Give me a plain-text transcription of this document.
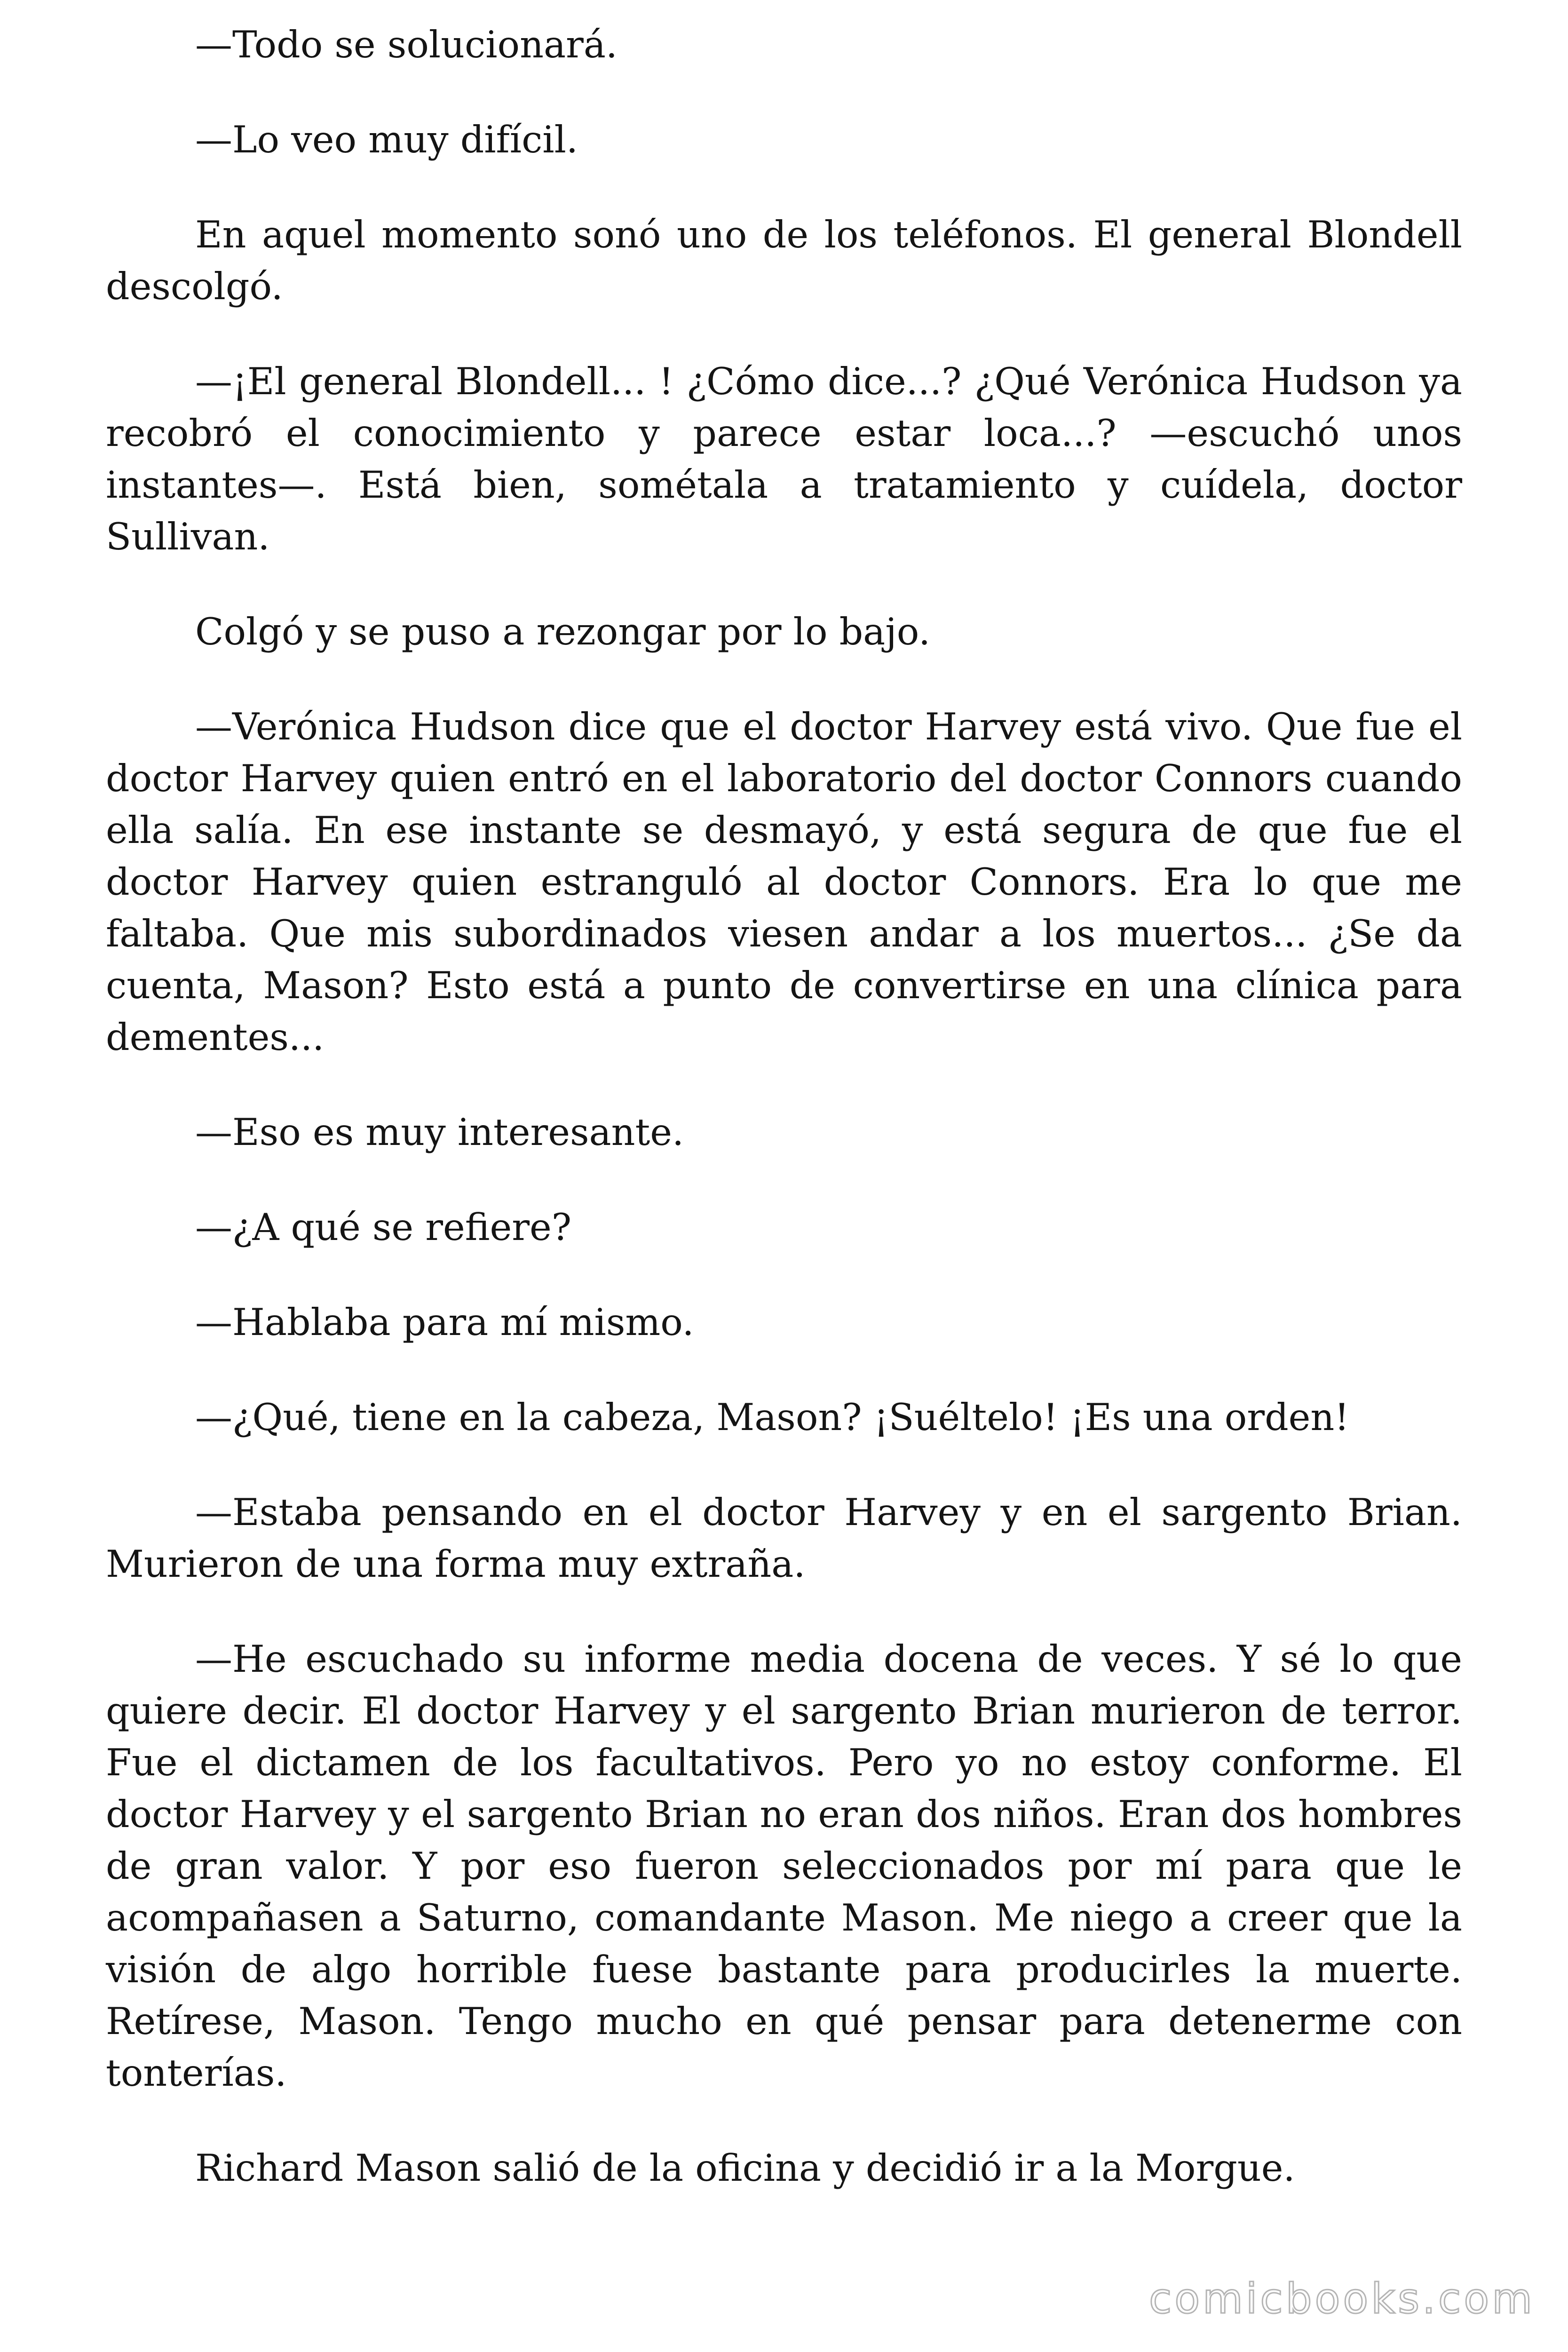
—Todo se solucionará.

—Lo veo muy difícil.

En aquel momento sonó uno de los teléfonos. El general Blondell descolgó.

—¡El general Blondell... ! ¿Cómo dice...? ¿Qué Verónica Hudson ya recobró el conocimiento y parece estar loca...? —escuchó unos instantes—. Está bien, sométala a tratamiento y cuídela, doctor Sullivan.

Colgó y se puso a rezongar por lo bajo.

—Verónica Hudson dice que el doctor Harvey está vivo. Que fue el doctor Harvey quien entró en el laboratorio del doctor Connors cuando ella salía. En ese instante se desmayó, y está segura de que fue el doctor Harvey quien estranguló al doctor Connors. Era lo que me faltaba. Que mis subordinados viesen andar a los muertos... ¿Se da cuenta, Mason? Esto está a punto de convertirse en una clínica para dementes...

—Eso es muy interesante.

—¿A qué se refiere?

—Hablaba para mí mismo.

—¿Qué, tiene en la cabeza, Mason? ¡Suéltelo! ¡Es una orden!

—Estaba pensando en el doctor Harvey y en el sargento Brian. Murieron de una forma muy extraña.

—He escuchado su informe media docena de veces. Y sé lo que quiere decir. El doctor Harvey y el sargento Brian murieron de terror. Fue el dictamen de los facultativos. Pero yo no estoy conforme. El doctor Harvey y el sargento Brian no eran dos niños. Eran dos hombres de gran valor. Y por eso fueron seleccionados por mí para que le acompañasen a Saturno, comandante Mason. Me niego a creer que la visión de algo horrible fuese bastante para producirles la muerte. Retírese, Mason. Tengo mucho en qué pensar para detenerme con tonterías.

Richard Mason salió de la oficina y decidió ir a la Morgue.

comicbooks.com
